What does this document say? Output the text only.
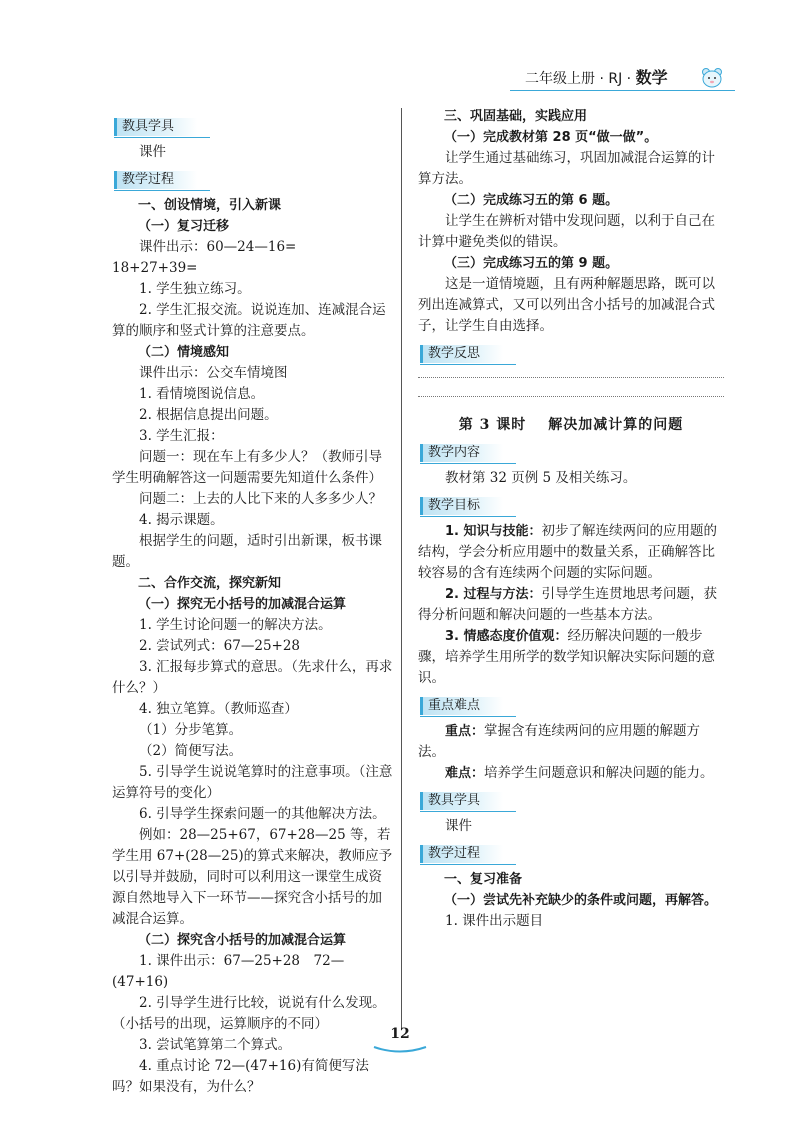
二年级上册 · RJ · 数学
教具学具

课件

教学过程

一、创设情境，引入新课

（一）复习迁移

课件出示：60—24—16=　18+27+39=

1. 学生独立练习。

2. 学生汇报交流。说说连加、连减混合运算的顺序和竖式计算的注意要点。

（二）情境感知

课件出示：公交车情境图

1. 看情境图说信息。

2. 根据信息提出问题。

3. 学生汇报：

问题一：现在车上有多少人？（教师引导学生明确解答这一问题需要先知道什么条件）

问题二：上去的人比下来的人多多少人？

4. 揭示课题。

根据学生的问题，适时引出新课，板书课题。

二、合作交流，探究新知

（一）探究无小括号的加减混合运算

1. 学生讨论问题一的解决方法。

2. 尝试列式：67—25+28

3. 汇报每步算式的意思。（先求什么，再求什么？）

4. 独立笔算。（教师巡查）

（1）分步笔算。

（2）简便写法。

5. 引导学生说说笔算时的注意事项。（注意运算符号的变化）

6. 引导学生探索问题一的其他解决方法。

例如：28—25+67，67+28—25 等，若学生用 67+(28—25)的算式来解决，教师应予以引导并鼓励，同时可以利用这一课堂生成资源自然地导入下一环节——探究含小括号的加减混合运算。

（二）探究含小括号的加减混合运算

1. 课件出示：67—25+28　72—(47+16)

2. 引导学生进行比较，说说有什么发现。（小括号的出现，运算顺序的不同）

3. 尝试笔算第二个算式。

4. 重点讨论 72—(47+16)有简便写法吗？如果没有，为什么？

三、巩固基础，实践应用

（一）完成教材第 28 页“做一做”。

让学生通过基础练习，巩固加减混合运算的计算方法。

（二）完成练习五的第 6 题。

让学生在辨析对错中发现问题，以利于自己在计算中避免类似的错误。

（三）完成练习五的第 9 题。

这是一道情境题，且有两种解题思路，既可以列出连减算式，又可以列出含小括号的加减混合式子，让学生自由选择。

教学反思

第 3 课时 解决加减计算的问题

教学内容

教材第 32 页例 5 及相关练习。

教学目标

1. 知识与技能：初步了解连续两问的应用题的结构，学会分析应用题中的数量关系，正确解答比较容易的含有连续两个问题的实际问题。

2. 过程与方法：引导学生连贯地思考问题，获得分析问题和解决问题的一些基本方法。

3. 情感态度价值观：经历解决问题的一般步骤，培养学生用所学的数学知识解决实际问题的意识。

重点难点

重点：掌握含有连续两问的应用题的解题方法。

难点：培养学生问题意识和解决问题的能力。

教具学具

课件

教学过程

一、复习准备

（一）尝试先补充缺少的条件或问题，再解答。

1. 课件出示题目

12
